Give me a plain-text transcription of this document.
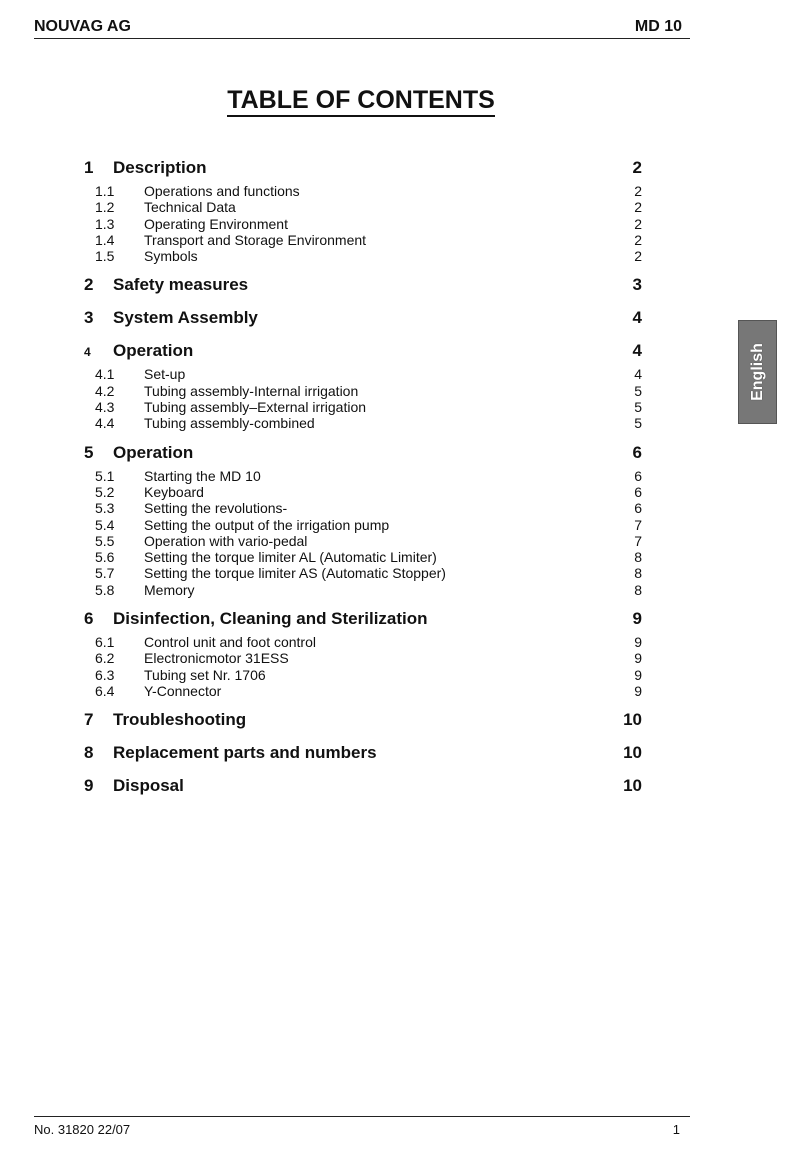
NOUVAG AG	MD 10
TABLE OF CONTENTS
1	Description	2
1.1 Operations and functions	2
1.2 Technical Data	2
1.3 Operating Environment	2
1.4 Transport and Storage Environment	2
1.5 Symbols	2
2	Safety measures	3
3	System Assembly	4
4	Operation	4
4.1 Set-up	4
4.2 Tubing assembly-Internal irrigation	5
4.3 Tubing assembly–External irrigation	5
4.4 Tubing assembly-combined	5
5	Operation	6
5.1 Starting the MD 10	6
5.2 Keyboard	6
5.3 Setting the revolutions-	6
5.4 Setting the output of the irrigation pump	7
5.5 Operation with vario-pedal	7
5.6 Setting the torque limiter AL (Automatic Limiter)	8
5.7 Setting the torque limiter AS (Automatic Stopper)	8
5.8 Memory	8
6	Disinfection, Cleaning and Sterilization	9
6.1 Control unit and foot control	9
6.2 Electronicmotor 31ESS	9
6.3 Tubing set Nr. 1706	9
6.4 Y-Connector	9
7	Troubleshooting	10
8	Replacement parts and numbers	10
9	Disposal	10
English
No. 31820 22/07	1
